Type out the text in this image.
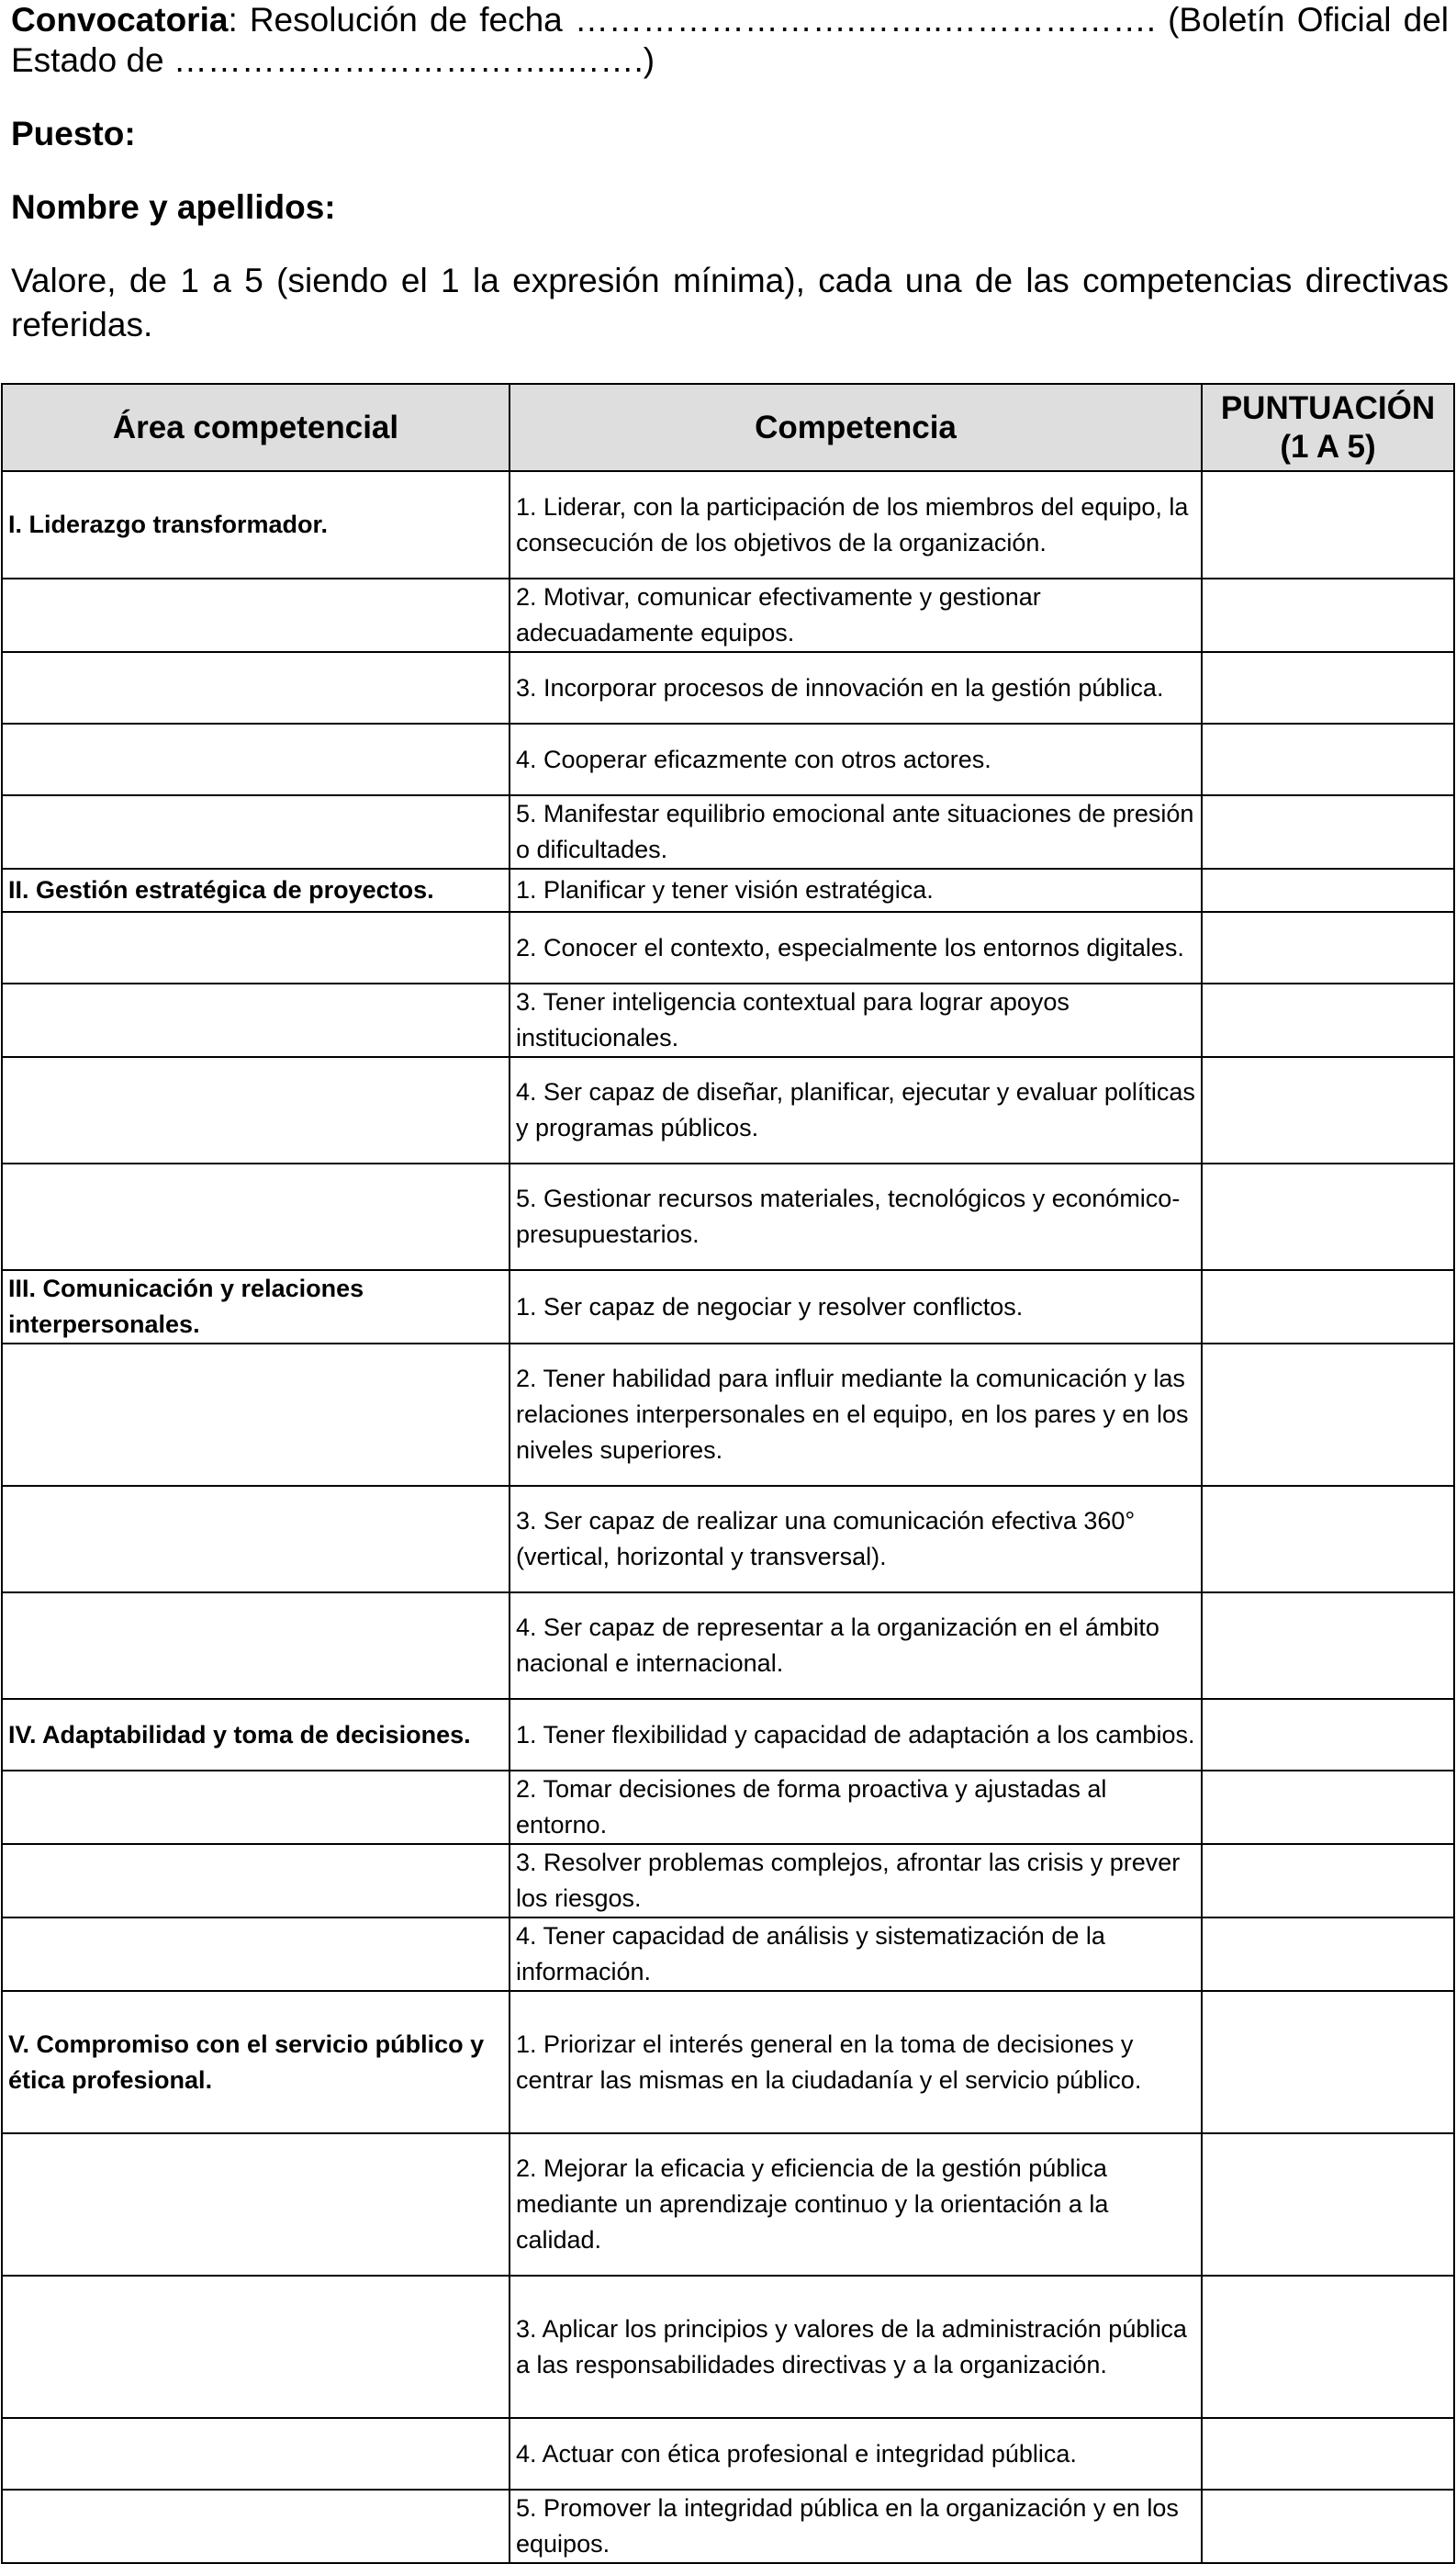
Convocatoria: Resolución de fecha …………………….……..………………. (Boletín Oficial del Estado de ……………………………..…….)

Puesto:
Nombre y apellidos:

Valore, de 1 a 5 (siendo el 1 la expresión mínima), cada una de las competencias directivas referidas.

Área competencial	Competencia	PUNTUACIÓN (1 A 5)
I. Liderazgo transformador.	1. Liderar, con la participación de los miembros del equipo, la consecución de los objetivos de la organización.	
	2. Motivar, comunicar efectivamente y gestionar adecuadamente equipos.	
	3. Incorporar procesos de innovación en la gestión pública.	
	4. Cooperar eficazmente con otros actores.	
	5. Manifestar equilibrio emocional ante situaciones de presión o dificultades.	
II. Gestión estratégica de proyectos.	1. Planificar y tener visión estratégica.	
	2. Conocer el contexto, especialmente los entornos digitales.	
	3. Tener inteligencia contextual para lograr apoyos institucionales.	
	4. Ser capaz de diseñar, planificar, ejecutar y evaluar políticas y programas públicos.	
	5. Gestionar recursos materiales, tecnológicos y económico-presupuestarios.	
III. Comunicación y relaciones interpersonales.	1. Ser capaz de negociar y resolver conflictos.	
	2. Tener habilidad para influir mediante la comunicación y las relaciones interpersonales en el equipo, en los pares y en los niveles superiores.	
	3. Ser capaz de realizar una comunicación efectiva 360° (vertical, horizontal y transversal).	
	4. Ser capaz de representar a la organización en el ámbito nacional e internacional.	
IV. Adaptabilidad y toma de decisiones.	1. Tener flexibilidad y capacidad de adaptación a los cambios.	
	2. Tomar decisiones de forma proactiva y ajustadas al entorno.	
	3. Resolver problemas complejos, afrontar las crisis y prever los riesgos.	
	4. Tener capacidad de análisis y sistematización de la información.	
V. Compromiso con el servicio público y ética profesional.	1. Priorizar el interés general en la toma de decisiones y centrar las mismas en la ciudadanía y el servicio público.	
	2. Mejorar la eficacia y eficiencia de la gestión pública mediante un aprendizaje continuo y la orientación a la calidad.	
	3. Aplicar los principios y valores de la administración pública a las responsabilidades directivas y a la organización.	
	4. Actuar con ética profesional e integridad pública.	
	5. Promover la integridad pública en la organización y en los equipos.	
